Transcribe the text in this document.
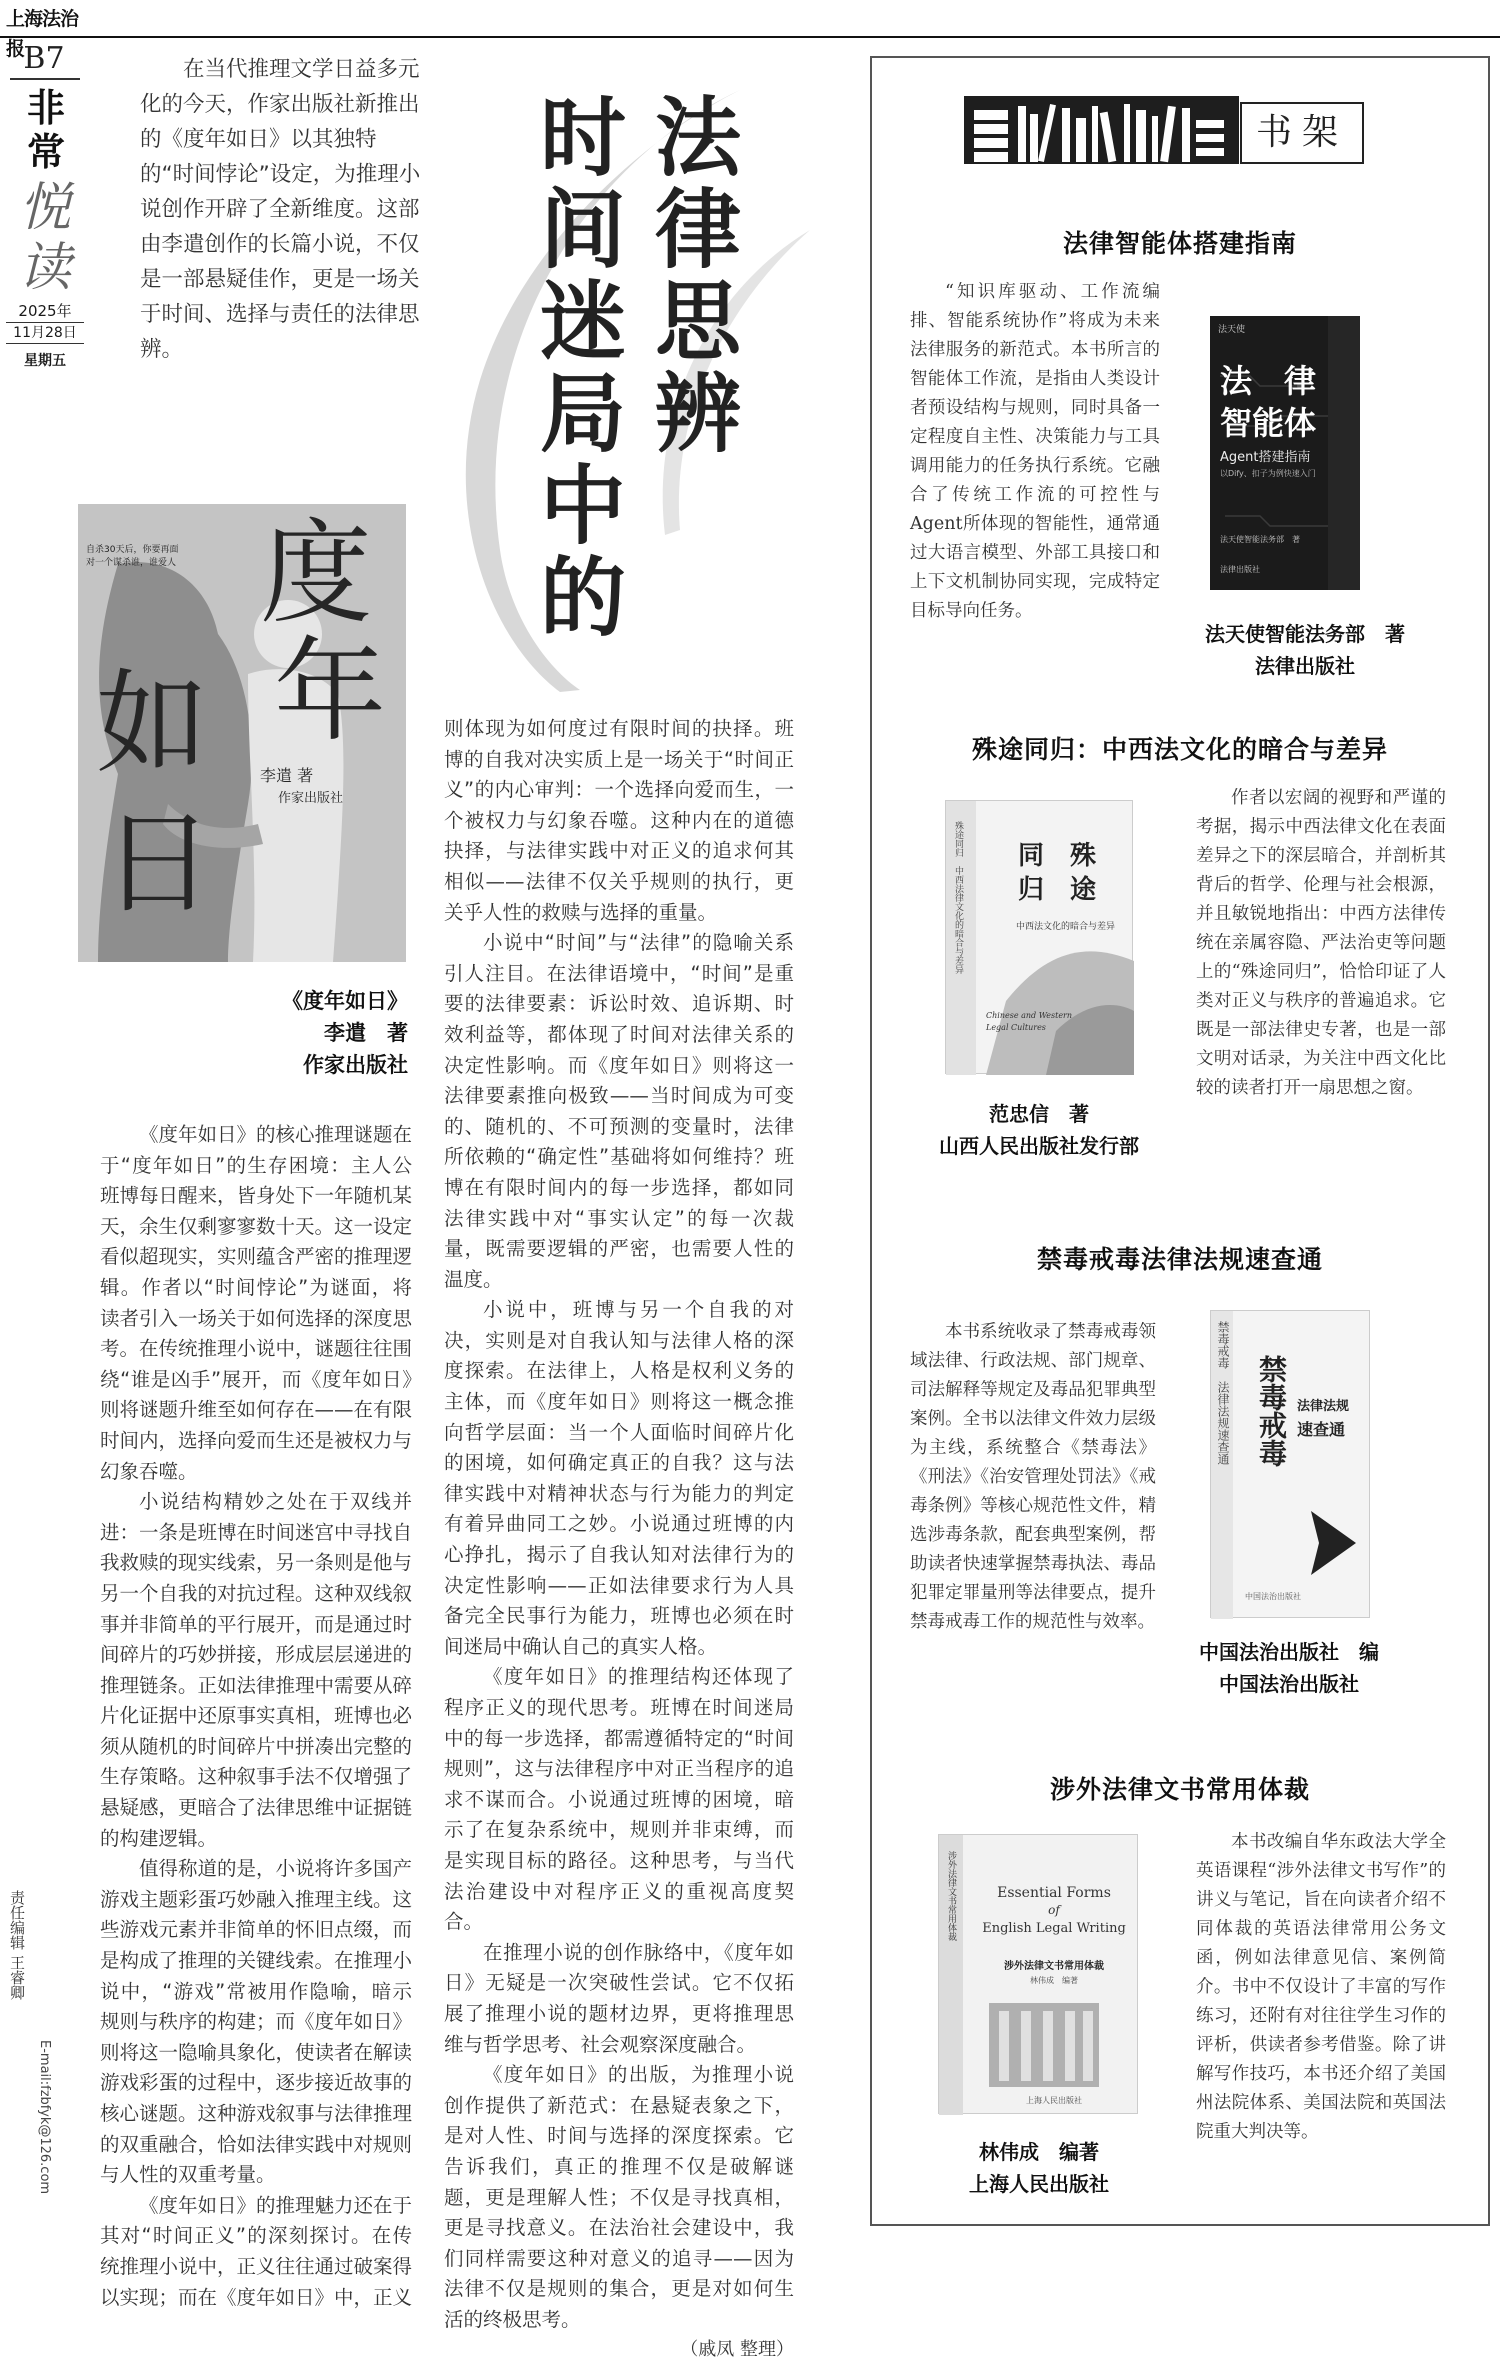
上海法治报 B7
非常
悦读
2025年
11月28日
星期五
责任编辑 王睿卿
E-mail:fzbfyk@126.com

在当代推理文学日益多元化的今天，作家出版社新推出的《度年如日》以其独特的“时间悖论”设定，为推理小说创作开辟了全新维度。这部由李遣创作的长篇小说，不仅是一部悬疑佳作，更是一场关于时间、选择与责任的法律思辨。	法律思辨
时间迷局中的
自杀30天后，你要再面对一个谋杀谁，谁爱人 度
年
如
日
李遣 著
作家出版社
《度年如日》
李遣　著
作家出版社

《度年如日》的核心推理谜题在于“度年如日”的生存困境：主人公班博每日醒来，皆身处下一年随机某天，余生仅剩寥寥数十天。这一设定看似超现实，实则蕴含严密的推理逻辑。作者以“时间悖论”为谜面，将读者引入一场关于如何选择的深度思考。在传统推理小说中，谜题往往围绕“谁是凶手”展开，而《度年如日》则将谜题升维至如何存在——在有限时间内，选择向爱而生还是被权力与幻象吞噬。

小说结构精妙之处在于双线并进：一条是班博在时间迷宫中寻找自我救赎的现实线索，另一条则是他与另一个自我的对抗过程。这种双线叙事并非简单的平行展开，而是通过时间碎片的巧妙拼接，形成层层递进的推理链条。正如法律推理中需要从碎片化证据中还原事实真相，班博也必须从随机的时间碎片中拼凑出完整的生存策略。这种叙事手法不仅增强了悬疑感，更暗合了法律思维中证据链的构建逻辑。

值得称道的是，小说将许多国产游戏主题彩蛋巧妙融入推理主线。这些游戏元素并非简单的怀旧点缀，而是构成了推理的关键线索。在推理小说中，“游戏”常被用作隐喻，暗示规则与秩序的构建；而《度年如日》则将这一隐喻具象化，使读者在解读游戏彩蛋的过程中，逐步接近故事的核心谜题。这种游戏叙事与法律推理的双重融合，恰如法律实践中对规则与人性的双重考量。

《度年如日》的推理魅力还在于其对“时间正义”的深刻探讨。在传统推理小说中，正义往往通过破案得以实现；而在《度年如日》中，正义

则体现为如何度过有限时间的抉择。班博的自我对决实质上是一场关于“时间正义”的内心审判：一个选择向爱而生，一个被权力与幻象吞噬。这种内在的道德抉择，与法律实践中对正义的追求何其相似——法律不仅关乎规则的执行，更关乎人性的救赎与选择的重量。

小说中“时间”与“法律”的隐喻关系引人注目。在法律语境中，“时间”是重要的法律要素：诉讼时效、追诉期、时效利益等，都体现了时间对法律关系的决定性影响。而《度年如日》则将这一法律要素推向极致——当时间成为可变的、随机的、不可预测的变量时，法律所依赖的“确定性”基础将如何维持？班博在有限时间内的每一步选择，都如同法律实践中对“事实认定”的每一次裁量，既需要逻辑的严密，也需要人性的温度。

小说中，班博与另一个自我的对决，实则是对自我认知与法律人格的深度探索。在法律上，人格是权利义务的主体，而《度年如日》则将这一概念推向哲学层面：当一个人面临时间碎片化的困境，如何确定真正的自我？这与法律实践中对精神状态与行为能力的判定有着异曲同工之妙。小说通过班博的内心挣扎，揭示了自我认知对法律行为的决定性影响——正如法律要求行为人具备完全民事行为能力，班博也必须在时间迷局中确认自己的真实人格。

《度年如日》的推理结构还体现了程序正义的现代思考。班博在时间迷局中的每一步选择，都需遵循特定的“时间规则”，这与法律程序中对正当程序的追求不谋而合。小说通过班博的困境，暗示了在复杂系统中，规则并非束缚，而是实现目标的路径。这种思考，与当代法治建设中对程序正义的重视高度契合。

在推理小说的创作脉络中，《度年如日》无疑是一次突破性尝试。它不仅拓展了推理小说的题材边界，更将推理思维与哲学思考、社会观察深度融合。

《度年如日》的出版，为推理小说创作提供了新范式：在悬疑表象之下，是对人性、时间与选择的深度探索。它告诉我们，真正的推理不仅是破解谜题，更是理解人性；不仅是寻找真相，更是寻找意义。在法治社会建设中，我们同样需要这种对意义的追寻——因为法律不仅是规则的集合，更是对如何生活的终极思考。

（戚凤 整理）

书架
法律智能体搭建指南

“知识库驱动、工作流编排、智能系统协作”将成为未来法律服务的新范式。本书所言的智能体工作流，是指由人类设计者预设结构与规则，同时具备一定程度自主性、决策能力与工具调用能力的任务执行系统。它融合了传统工作流的可控性与Agent所体现的智能性，通常通过大语言模型、外部工具接口和上下文机制协同实现，完成特定目标导向任务。

法天使
法　律
智能体
Agent搭建指南
以Dify、扣子为例快速入门
法天使智能法务部　著
法律出版社
法天使智能法务部　著
法律出版社
殊途同归：中西法文化的暗合与差异

作者以宏阔的视野和严谨的考据，揭示中西法律文化在表面差异之下的深层暗合，并剖析其背后的哲学、伦理与社会根源，并且敏锐地指出：中西方法律传统在亲属容隐、严法治吏等问题上的“殊途同归”，恰恰印证了人类对正义与秩序的普遍追求。它既是一部法律史专著，也是一部文明对话录，为关注中西文化比较的读者打开一扇思想之窗。

殊途同归　中西法律文化的暗合与差异 同　殊
归　途
中西法文化的暗合与差异
Chinese and Western
Legal Cultures
范忠信　著
山西人民出版社发行部
禁毒戒毒法律法规速查通

本书系统收录了禁毒戒毒领域法律、行政法规、部门规章、司法解释等规定及毒品犯罪典型案例。全书以法律文件效力层级为主线，系统整合《禁毒法》《刑法》《治安管理处罚法》《戒毒条例》等核心规范性文件，精选涉毒条款，配套典型案例，帮助读者快速掌握禁毒执法、毒品犯罪定罪量刑等法律要点，提升禁毒戒毒工作的规范性与效率。

禁毒戒毒　法律法规速查通 禁毒戒毒 法律法规
速查通
中国法治出版社
中国法治出版社　编
中国法治出版社
涉外法律文书常用体裁

本书改编自华东政法大学全英语课程“涉外法律文书写作”的讲义与笔记，旨在向读者介绍不同体裁的英语法律常用公务文函，例如法律意见信、案例简介。书中不仅设计了丰富的写作练习，还附有对往往学生习作的评析，供读者参考借鉴。除了讲解写作技巧，本书还介绍了美国州法院体系、美国法院和英国法院重大判决等。

涉外法律文书常用体裁	Essential Forms
of
English Legal Writing
涉外法律文书常用体裁
林伟成　编著
上海人民出版社
林伟成　编著
上海人民出版社
